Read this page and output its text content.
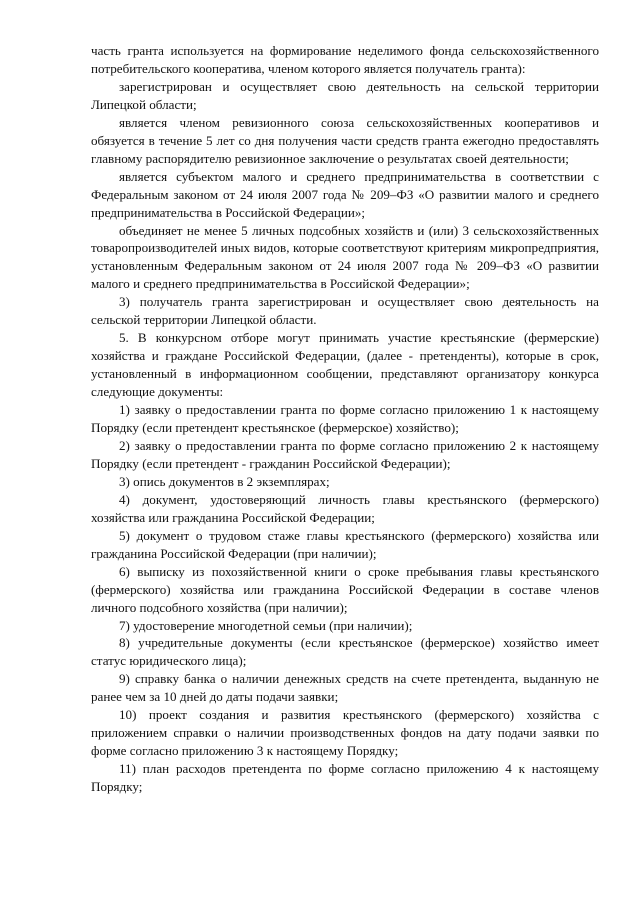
часть гранта используется на формирование неделимого фонда сельскохозяйственного потребительского кооператива, членом которого является получатель гранта):

зарегистрирован и осуществляет свою деятельность на сельской территории Липецкой области;

является членом ревизионного союза сельскохозяйственных кооперативов и обязуется в течение 5 лет со дня получения части средств гранта ежегодно предоставлять главному распорядителю ревизионное заключение о результатах своей деятельности;

является субъектом малого и среднего предпринимательства в соответствии с Федеральным законом от 24 июля 2007 года № 209–ФЗ «О развитии малого и среднего предпринимательства в Российской Федерации»;

объединяет не менее 5 личных подсобных хозяйств и (или) 3 сельскохозяйственных товаропроизводителей иных видов, которые соответствуют критериям микропредприятия, установленным Федеральным законом от 24 июля 2007 года № 209–ФЗ «О развитии малого и среднего предпринимательства в Российской Федерации»;

3) получатель гранта зарегистрирован и осуществляет свою деятельность на сельской территории Липецкой области.

5. В конкурсном отборе могут принимать участие крестьянские (фермерские) хозяйства и граждане Российской Федерации, (далее - претенденты), которые в срок, установленный в информационном сообщении, представляют организатору конкурса следующие документы:

1) заявку о предоставлении гранта по форме согласно приложению 1 к настоящему Порядку (если претендент крестьянское (фермерское) хозяйство);

2) заявку о предоставлении гранта по форме согласно приложению 2 к настоящему Порядку (если претендент - гражданин Российской Федерации);

3) опись документов в 2 экземплярах;

4) документ, удостоверяющий личность главы крестьянского (фермерского) хозяйства или гражданина Российской Федерации;

5) документ о трудовом стаже главы крестьянского (фермерского) хозяйства или гражданина Российской Федерации (при наличии);

6) выписку из похозяйственной книги о сроке пребывания главы крестьянского (фермерского) хозяйства или гражданина Российской Федерации в составе членов личного подсобного хозяйства (при наличии);

7) удостоверение многодетной семьи (при наличии);

8) учредительные документы (если крестьянское (фермерское) хозяйство имеет статус юридического лица);

9) справку банка о наличии денежных средств на счете претендента, выданную не ранее чем за 10 дней до даты подачи заявки;

10) проект создания и развития крестьянского (фермерского) хозяйства с приложением справки о наличии производственных фондов на дату подачи заявки по форме согласно приложению 3 к настоящему Порядку;

11) план расходов претендента по форме согласно приложению 4 к настоящему Порядку;
